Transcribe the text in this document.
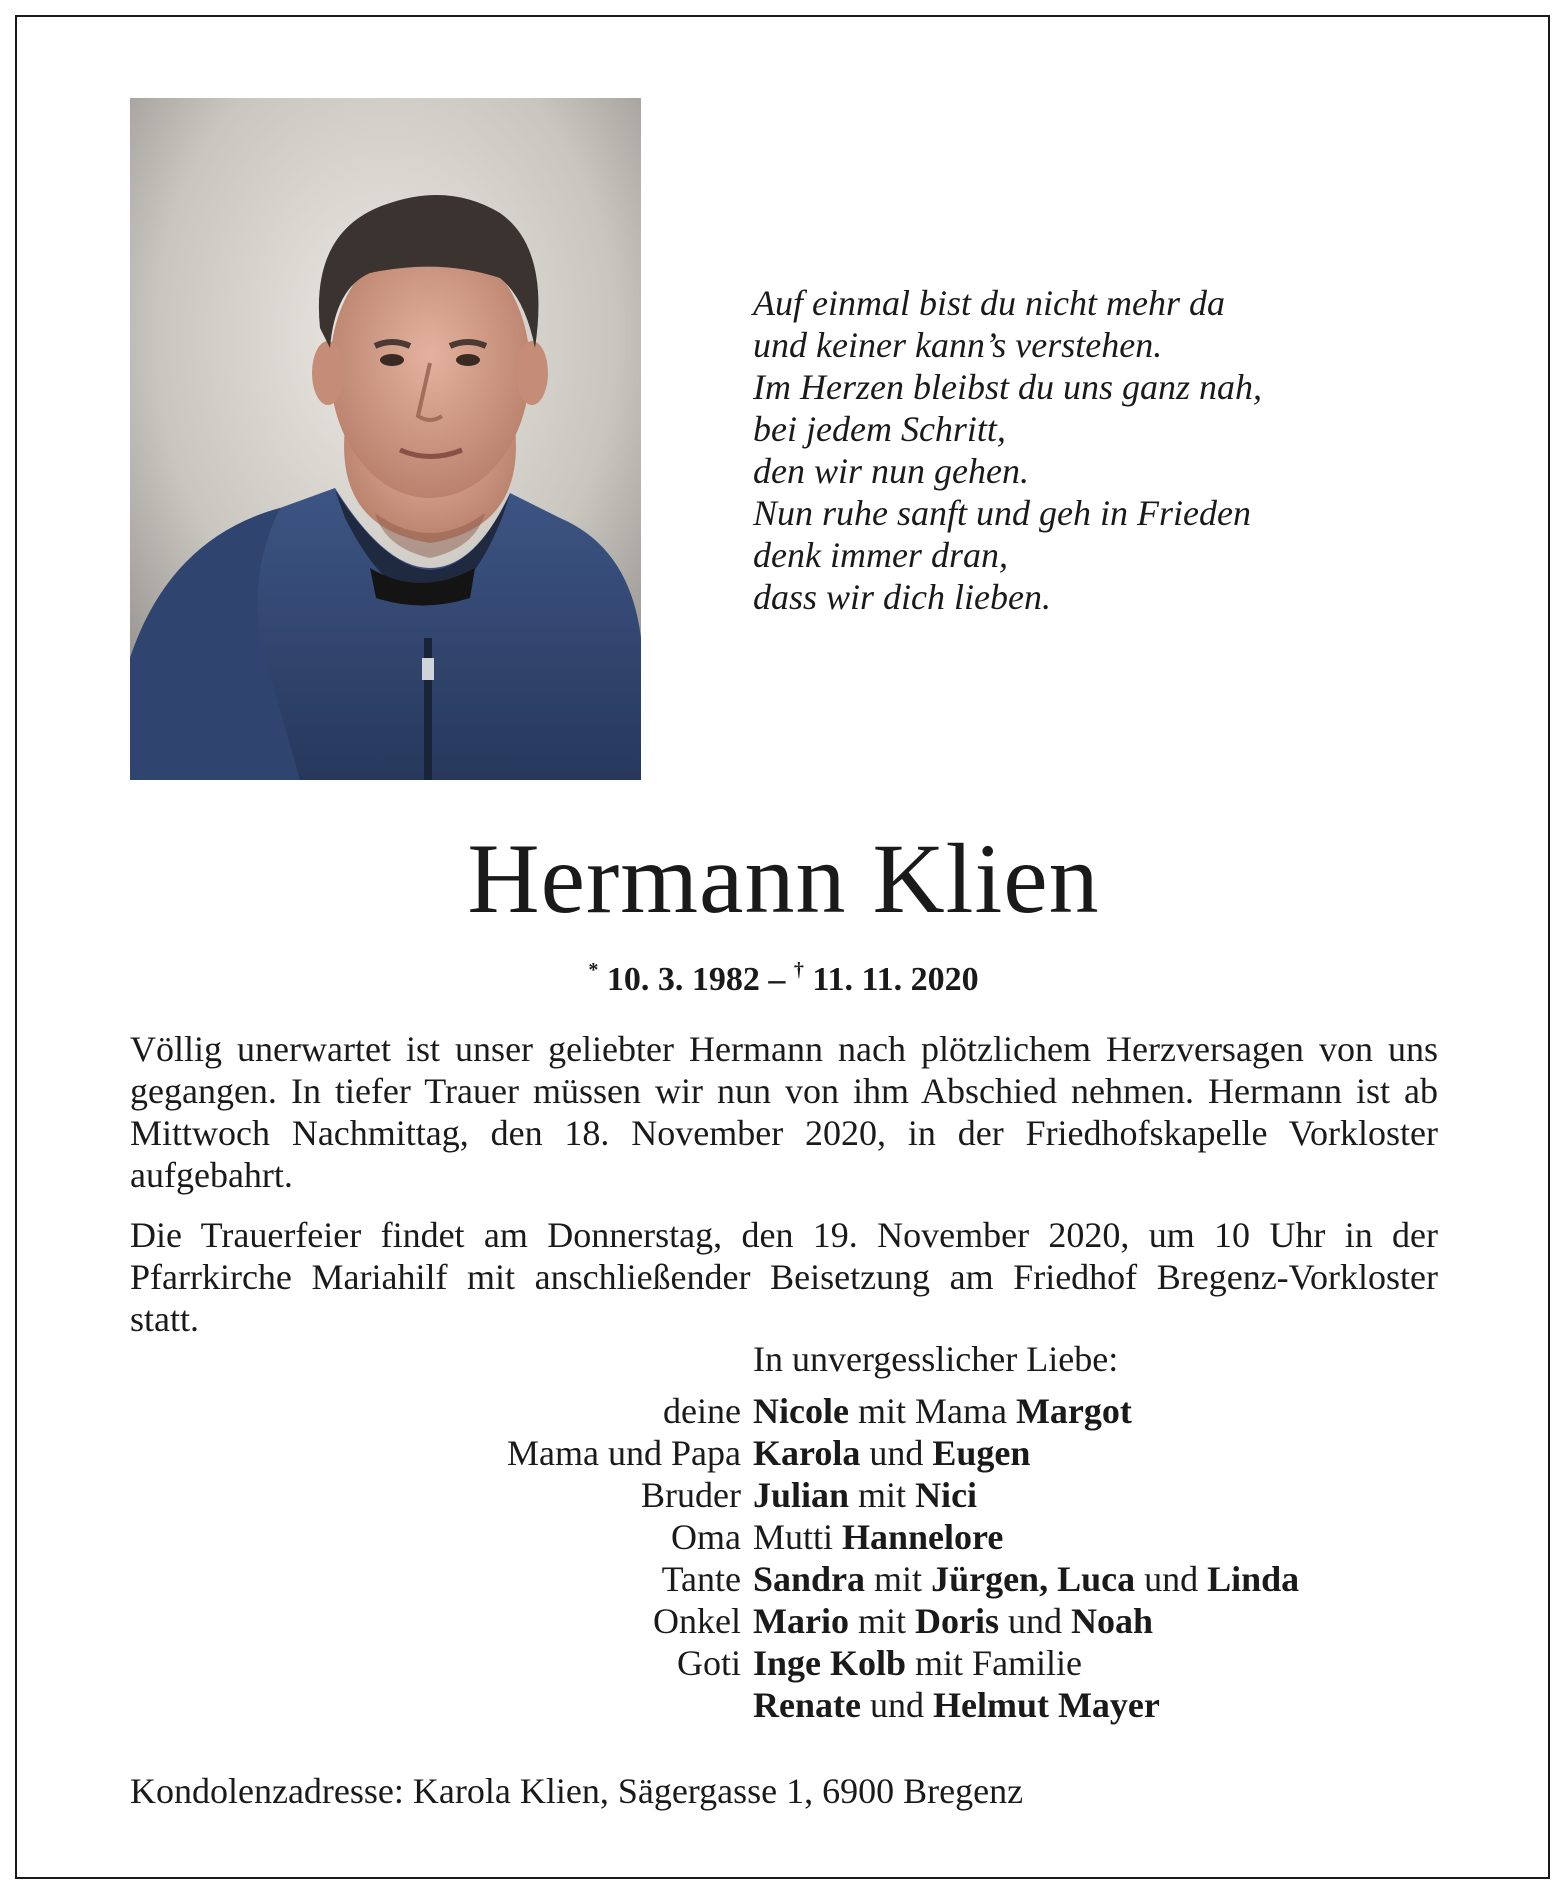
Auf einmal bist du nicht mehr da
und keiner kann’s verstehen.
Im Herzen bleibst du uns ganz nah,
bei jedem Schritt,
den wir nun gehen.
Nun ruhe sanft und geh in Frieden
denk immer dran,
dass wir dich lieben.
Hermann Klien
* 10. 3. 1982 – † 11. 11. 2020
Völlig unerwartet ist unser geliebter Hermann nach plötzlichem Herzversagen von uns gegangen. In tiefer Trauer müssen wir nun von ihm Abschied nehmen. Hermann ist ab Mittwoch Nachmittag, den 18. November 2020, in der Friedhofskapelle Vorkloster aufgebahrt.
Die Trauerfeier findet am Donnerstag, den 19. November 2020, um 10 Uhr in der Pfarrkirche Mariahilf mit anschließender Beisetzung am Friedhof Bregenz-Vorkloster statt.
In unvergesslicher Liebe:
deine Nicole mit Mama Margot
Mama und Papa Karola und Eugen
Bruder Julian mit Nici
Oma Mutti Hannelore
Tante Sandra mit Jürgen, Luca und Linda
Onkel Mario mit Doris und Noah
Goti Inge Kolb mit Familie
Renate und Helmut Mayer
Kondolenzadresse: Karola Klien, Sägergasse 1, 6900 Bregenz
